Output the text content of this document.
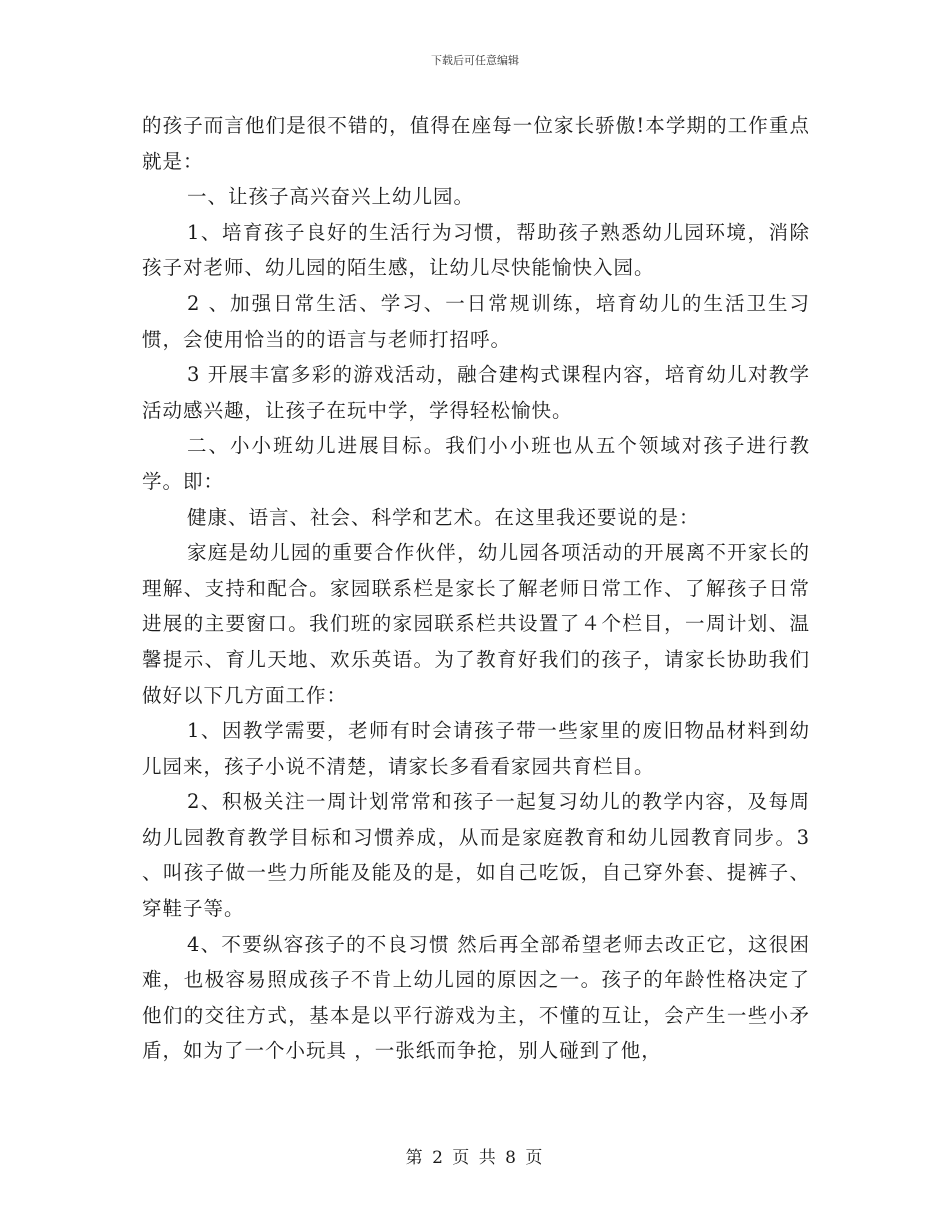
下载后可任意编辑

的孩子而言他们是很不错的，值得在座每一位家长骄傲!本学期的工作重点就是：

一、让孩子高兴奋兴上幼儿园。

1、培育孩子良好的生活行为习惯，帮助孩子熟悉幼儿园环境，消除孩子对老师、幼儿园的陌生感，让幼儿尽快能愉快入园。

2 、加强日常生活、学习、一日常规训练，培育幼儿的生活卫生习惯，会使用恰当的的语言与老师打招呼。

3 开展丰富多彩的游戏活动，融合建构式课程内容，培育幼儿对教学活动感兴趣，让孩子在玩中学，学得轻松愉快。

二、小小班幼儿进展目标。我们小小班也从五个领域对孩子进行教学。即：

健康、语言、社会、科学和艺术。在这里我还要说的是：

家庭是幼儿园的重要合作伙伴，幼儿园各项活动的开展离不开家长的理解、支持和配合。家园联系栏是家长了解老师日常工作、了解孩子日常进展的主要窗口。我们班的家园联系栏共设置了４个栏目，一周计划、温馨提示、育儿天地、欢乐英语。为了教育好我们的孩子，请家长协助我们做好以下几方面工作：

1、因教学需要，老师有时会请孩子带一些家里的废旧物品材料到幼儿园来，孩子小说不清楚，请家长多看看家园共育栏目。

2、积极关注一周计划常常和孩子一起复习幼儿的教学内容，及每周幼儿园教育教学目标和习惯养成，从而是家庭教育和幼儿园教育同步。3 、叫孩子做一些力所能及能及的是，如自己吃饭，自己穿外套、提裤子、穿鞋子等。

4、不要纵容孩子的不良习惯 然后再全部希望老师去改正它，这很困难，也极容易照成孩子不肯上幼儿园的原因之一。孩子的年龄性格决定了他们的交往方式，基本是以平行游戏为主，不懂的互让，会产生一些小矛盾，如为了一个小玩具 ，一张纸而争抢，别人碰到了他，

第 2 页 共 8 页
